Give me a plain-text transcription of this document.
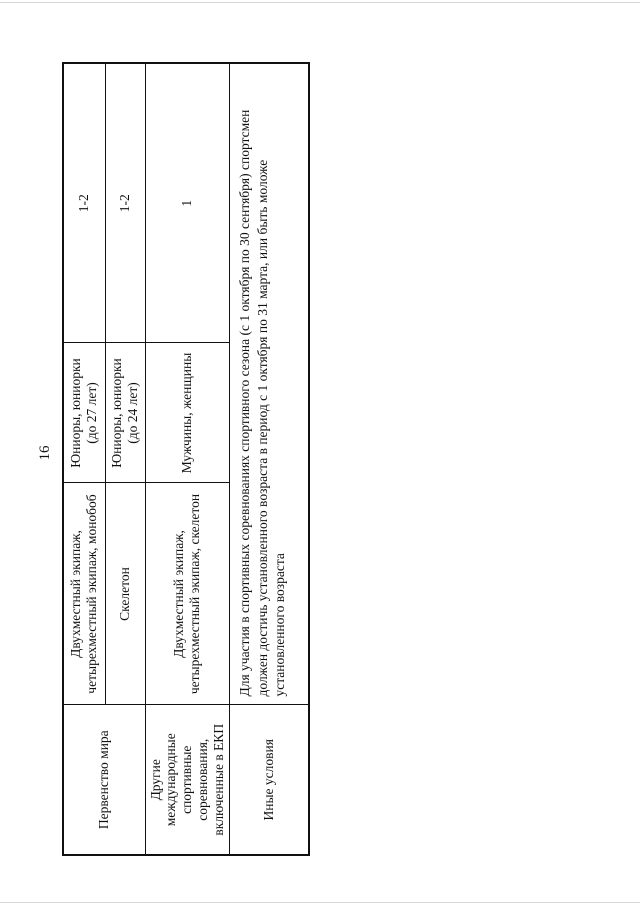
16
Первенство мира	Двухместный экипаж, четырехместный экипаж, монобоб	Юниоры, юниорки (до 27 лет)	1-2
	Скелетон	Юниоры, юниорки (до 24 лет)	1-2
Другие международные спортивные соревнования, включенные в ЕКП	Двухместный экипаж, четырехместный экипаж, скелетон	Мужчины, женщины	1
Иные условия	Для участия в спортивных соревнованиях спортивного сезона (с 1 октября по 30 сентября) спортсмен должен достичь установленного возраста в период с 1 октября по 31 марта, или быть моложе установленного возраста		
